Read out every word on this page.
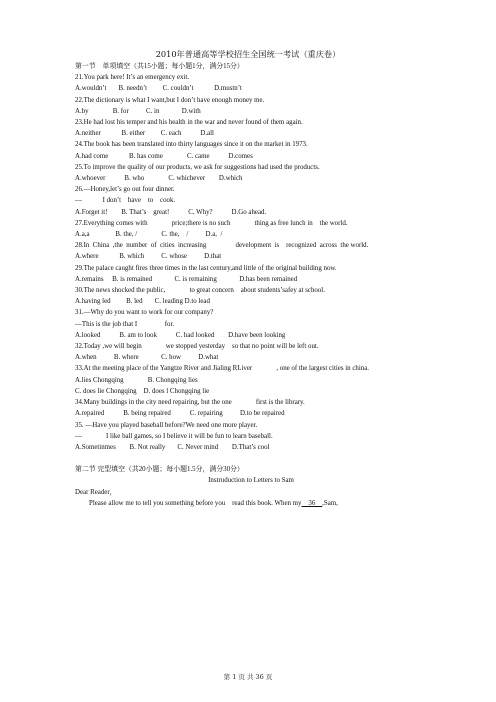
2010年普通高等学校招生全国统一考试（重庆卷）
第一节　单项填空（共15小题；每小题1分，满分15分）
21.You park here! It’s an emergency exit.
A.wouldn’t       B. needn’t         C. couldn’t            D.mustn’t
22.The dictionary is what I want,but I don’t have enough money me.
A.by              B. for          C. in             D.with
23.He had lost his temper and his health in the war and never found of them again.
A.neither            B. either         C. each           D.all
24.The book has been translated into thirty languages since it on the market in 1973.
A.had come            B. has come              C. came           D.comes
25.To improve the quality of our products, we ask for suggestions had used the products.
A.whoever           B. who              C. whichever        D.which
26.—Honey,let’s go out four dinner.
—            I don’t    have    to    cook.
A.Forget it!        B. That’s    great!           C. Why?           D.Go ahead.
27.Everything comes with              price;there is no such              thing as free lunch in    the world.
A.a,a               B. the, /              C. the,    /          D.a,  /
28.In  China  ,the  number  of  cities  increasing                 development  is    recognized  across  the world.
A.where            B. which          C. whose          D.that
29.The palace caught fires three times in the last century,and little of the original building now.
A.remains     B. is remained             C. is remaining             D.has been remained
30.The news shocked the public,              to great concern    about students’safey at school.
A.having led         B. led       C. leading D.to lead
31.—Why do you want to work for our company?
—This is the job that I                for.
A.looked           B. am to look           C. had looked        D.have been looking
32.Today ,we will begin              we stopped yesterday    so that no point will be left out.
A.when          B. where             C. how          D.what
33.At the meeting place of the Yangtze River and Jialing RLiver              , one of the largest cities in china.
A.lies Chongqing              B. Chongqing lies
C. does lie Chongqing    D. does l Chongqing lie
34.Many buildings in the city need repairing, but the one              first is the library.
A.repaired           B. being repaired           C. repairing          D.to be repaired
35. —Have you played baseball before?We need one more player.
—              I like ball games, so I believe it will be fun to learn baseball.
A.Sometinmes        B. Not really       C. Never mind        D.That’s cool
第二节 完型填空（共20小题；每小题1.5分，满分30分）
Instruduction to Letters to Sam
Dear Reader，
Please allow me to tell you something before you    read this book. When my    36    ,Sam,
第 1 页 共 36 页
